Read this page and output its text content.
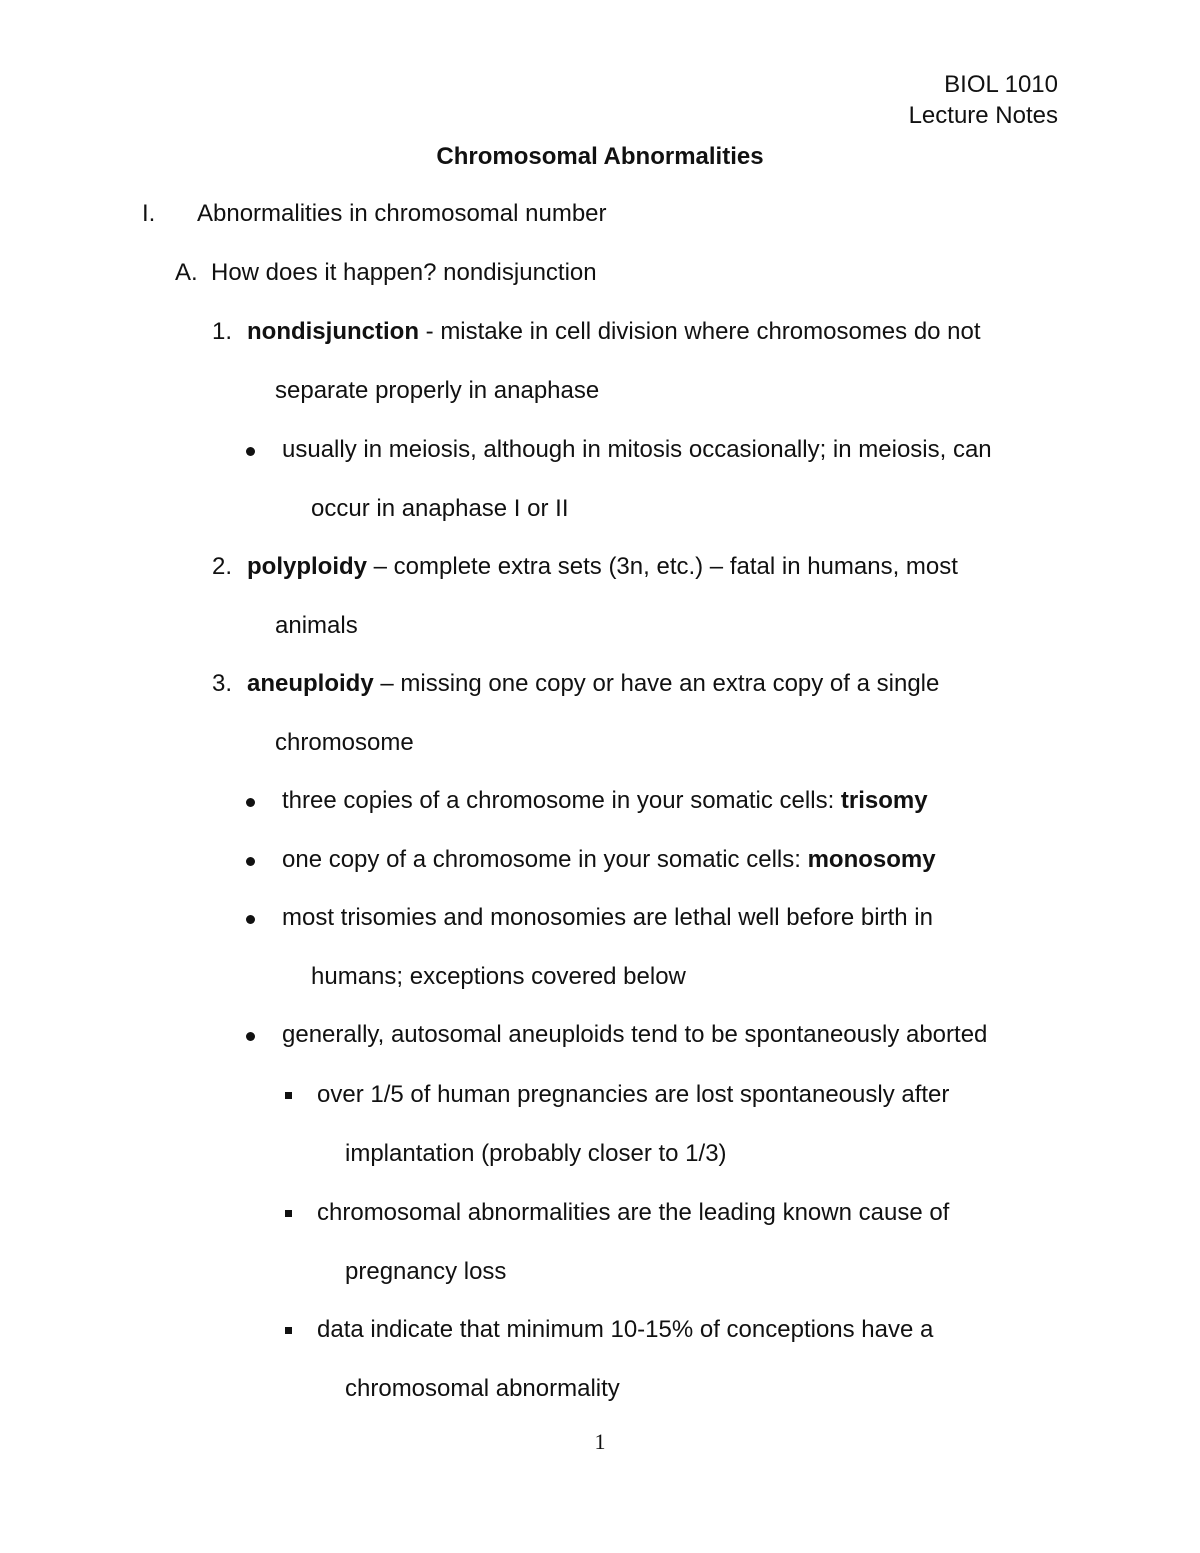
BIOL 1010
Lecture Notes
Chromosomal Abnormalities
I. Abnormalities in chromosomal number
A. How does it happen? nondisjunction
1. nondisjunction - mistake in cell division where chromosomes do not
separate properly in anaphase
usually in meiosis, although in mitosis occasionally; in meiosis, can
occur in anaphase I or II
2. polyploidy – complete extra sets (3n, etc.) – fatal in humans, most
animals
3. aneuploidy – missing one copy or have an extra copy of a single
chromosome
three copies of a chromosome in your somatic cells: trisomy
one copy of a chromosome in your somatic cells: monosomy
most trisomies and monosomies are lethal well before birth in
humans; exceptions covered below
generally, autosomal aneuploids tend to be spontaneously aborted
over 1/5 of human pregnancies are lost spontaneously after
implantation (probably closer to 1/3)
chromosomal abnormalities are the leading known cause of
pregnancy loss
data indicate that minimum 10-15% of conceptions have a
chromosomal abnormality
1
